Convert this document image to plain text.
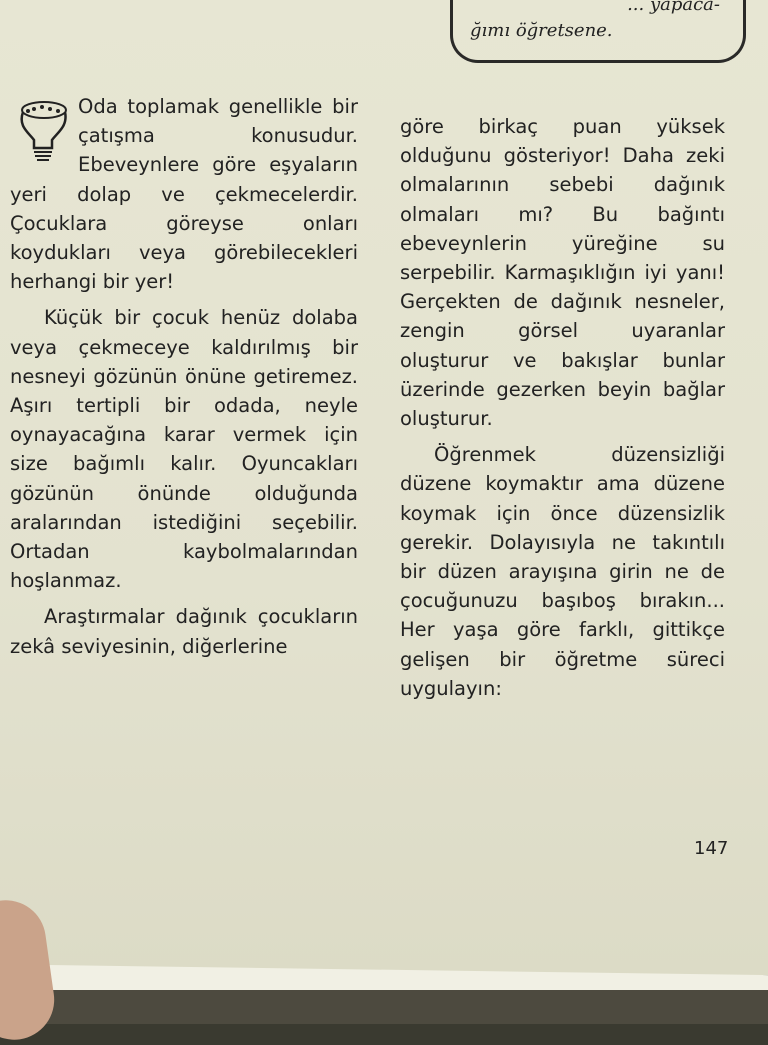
... yapaca-
ğımı öğretsene.

Oda toplamak genellikle bir çatışma konusudur. Ebeveynlere göre eşyaların yeri dolap ve çekmecelerdir. Çocuklara göreyse onları koydukları veya görebilecekleri herhangi bir yer!

Küçük bir çocuk henüz dolaba veya çekmeceye kaldırılmış bir nesneyi gözünün önüne getiremez. Aşırı tertipli bir odada, neyle oynayacağına karar vermek için size bağımlı kalır. Oyuncakları gözünün önünde olduğunda aralarından istediğini seçebilir. Ortadan kaybolmalarından hoşlanmaz.

Araştırmalar dağınık çocukların zekâ seviyesinin, diğerlerine

göre birkaç puan yüksek olduğunu gösteriyor! Daha zeki olmalarının sebebi dağınık olmaları mı? Bu bağıntı ebeveynlerin yüreğine su serpebilir. Karmaşıklığın iyi yanı! Gerçekten de dağınık nesneler, zengin görsel uyaranlar oluşturur ve bakışlar bunlar üzerinde gezerken beyin bağlar oluşturur.

Öğrenmek düzensizliği düzene koymaktır ama düzene koymak için önce düzensizlik gerekir. Dolayısıyla ne takıntılı bir düzen arayışına girin ne de çocuğunuzu başıboş bırakın... Her yaşa göre farklı, gittikçe gelişen bir öğretme süreci uygulayın:

147
